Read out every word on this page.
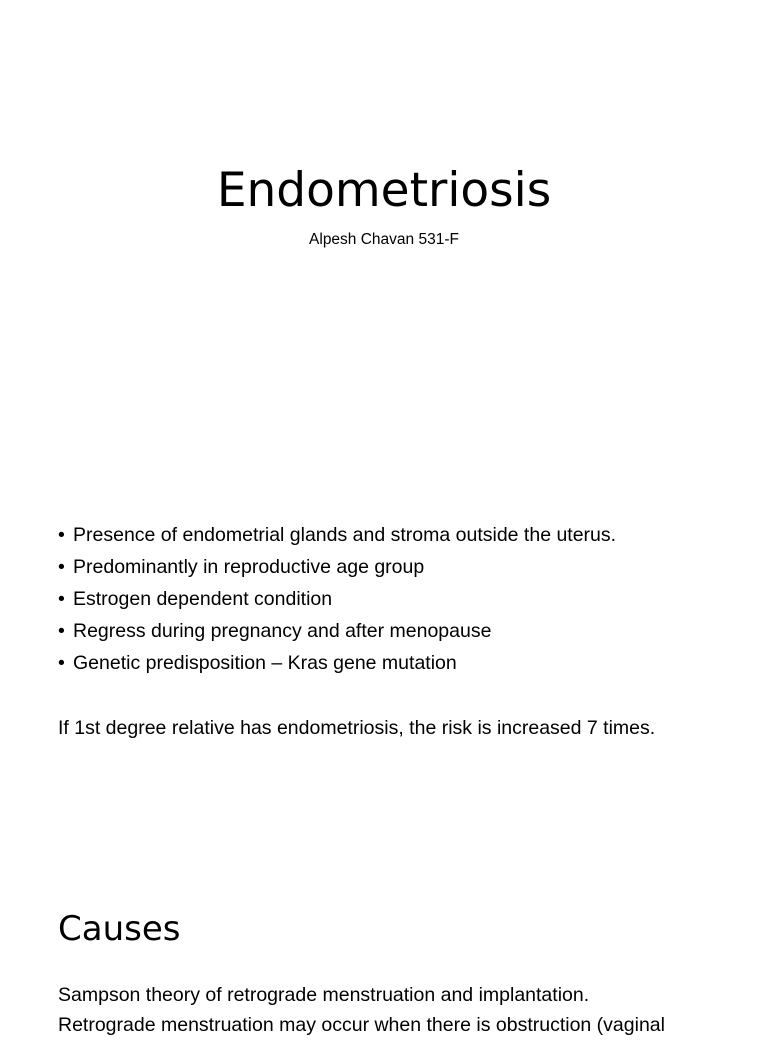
Endometriosis

Alpesh Chavan 531-F

• Presence of endometrial glands and stroma outside the uterus.
• Predominantly in reproductive age group
• Estrogen dependent condition
• Regress during pregnancy and after menopause
• Genetic predisposition – Kras gene mutation

If 1st degree relative has endometriosis, the risk is increased 7 times.

Causes

Sampson theory of retrograde menstruation and implantation.
Retrograde menstruation may occur when there is obstruction (vaginal
